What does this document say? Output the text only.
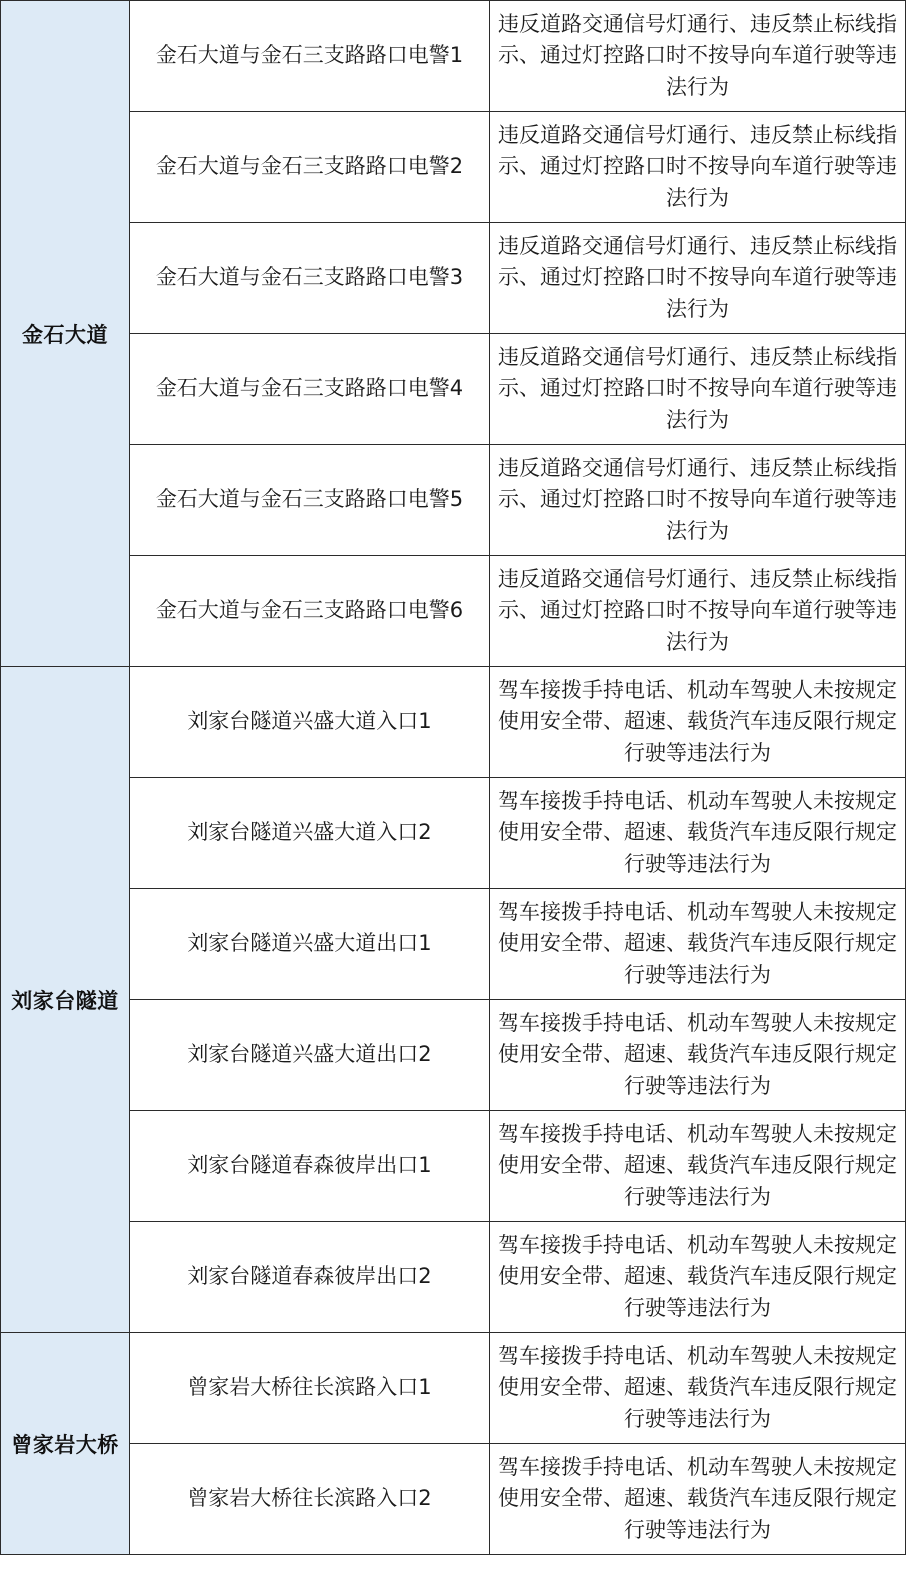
金石大道	金石大道与金石三支路路口电警1	违反道路交通信号灯通行、违反禁止标线指示、通过灯控路口时不按导向车道行驶等违法行为

	金石大道与金石三支路路口电警2	违反道路交通信号灯通行、违反禁止标线指示、通过灯控路口时不按导向车道行驶等违法行为

	金石大道与金石三支路路口电警3	违反道路交通信号灯通行、违反禁止标线指示、通过灯控路口时不按导向车道行驶等违法行为

	金石大道与金石三支路路口电警4	违反道路交通信号灯通行、违反禁止标线指示、通过灯控路口时不按导向车道行驶等违法行为

	金石大道与金石三支路路口电警5	违反道路交通信号灯通行、违反禁止标线指示、通过灯控路口时不按导向车道行驶等违法行为

	金石大道与金石三支路路口电警6	违反道路交通信号灯通行、违反禁止标线指示、通过灯控路口时不按导向车道行驶等违法行为

刘家台隧道	刘家台隧道兴盛大道入口1	驾车接拨手持电话、机动车驾驶人未按规定使用安全带、超速、载货汽车违反限行规定行驶等违法行为

	刘家台隧道兴盛大道入口2	驾车接拨手持电话、机动车驾驶人未按规定使用安全带、超速、载货汽车违反限行规定行驶等违法行为

	刘家台隧道兴盛大道出口1	驾车接拨手持电话、机动车驾驶人未按规定使用安全带、超速、载货汽车违反限行规定行驶等违法行为

	刘家台隧道兴盛大道出口2	驾车接拨手持电话、机动车驾驶人未按规定使用安全带、超速、载货汽车违反限行规定行驶等违法行为

	刘家台隧道春森彼岸出口1	驾车接拨手持电话、机动车驾驶人未按规定使用安全带、超速、载货汽车违反限行规定行驶等违法行为

	刘家台隧道春森彼岸出口2	驾车接拨手持电话、机动车驾驶人未按规定使用安全带、超速、载货汽车违反限行规定行驶等违法行为

曾家岩大桥	曾家岩大桥往长滨路入口1	驾车接拨手持电话、机动车驾驶人未按规定使用安全带、超速、载货汽车违反限行规定行驶等违法行为

	曾家岩大桥往长滨路入口2	驾车接拨手持电话、机动车驾驶人未按规定使用安全带、超速、载货汽车违反限行规定行驶等违法行为
